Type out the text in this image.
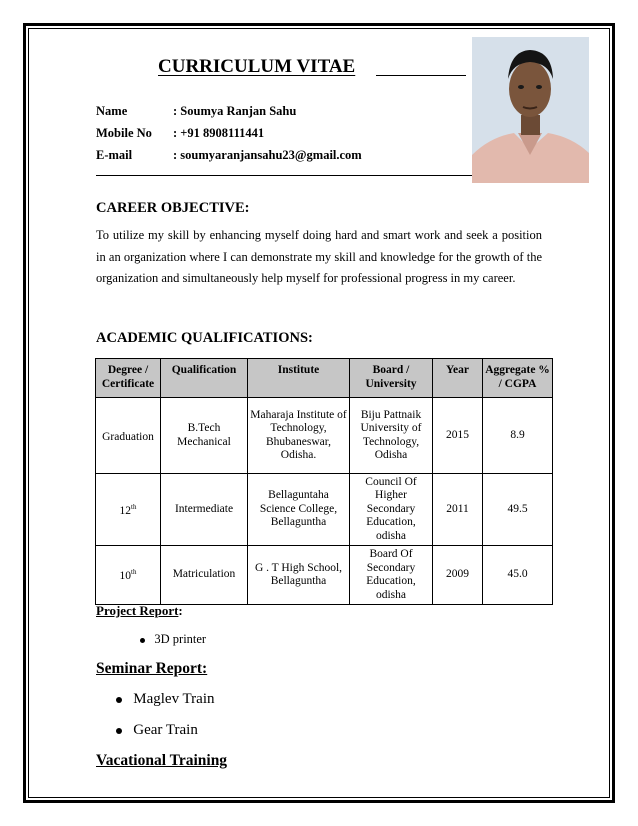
CURRICULUM VITAE
Name	: Soumya Ranjan Sahu
Mobile No : +91 8908111441
E-mail	: soumyaranjansahu23@gmail.com
CAREER OBJECTIVE:
To utilize my skill by enhancing myself doing hard and smart work and seek a position in an organization where I can demonstrate my skill and knowledge for the growth of the organization and simultaneously help myself for professional progress in my career.
ACADEMIC QUALIFICATIONS:
Degree / Certificate	Qualification	Institute	Board / University	Year	Aggregate % / CGPA
Graduation	B.Tech Mechanical	Maharaja Institute of Technology, Bhubaneswar, Odisha.	Biju Pattnaik University of Technology, Odisha	2015	8.9
12th	Intermediate	Bellaguntaha Science College, Bellaguntha	Council Of Higher Secondary Education, odisha	2011	49.5
10th	Matriculation	G . T High School, Bellaguntha	Board Of Secondary Education, odisha	2009	45.0
Project Report:
3D printer
Seminar Report:
Maglev Train
Gear Train
Vacational Training
